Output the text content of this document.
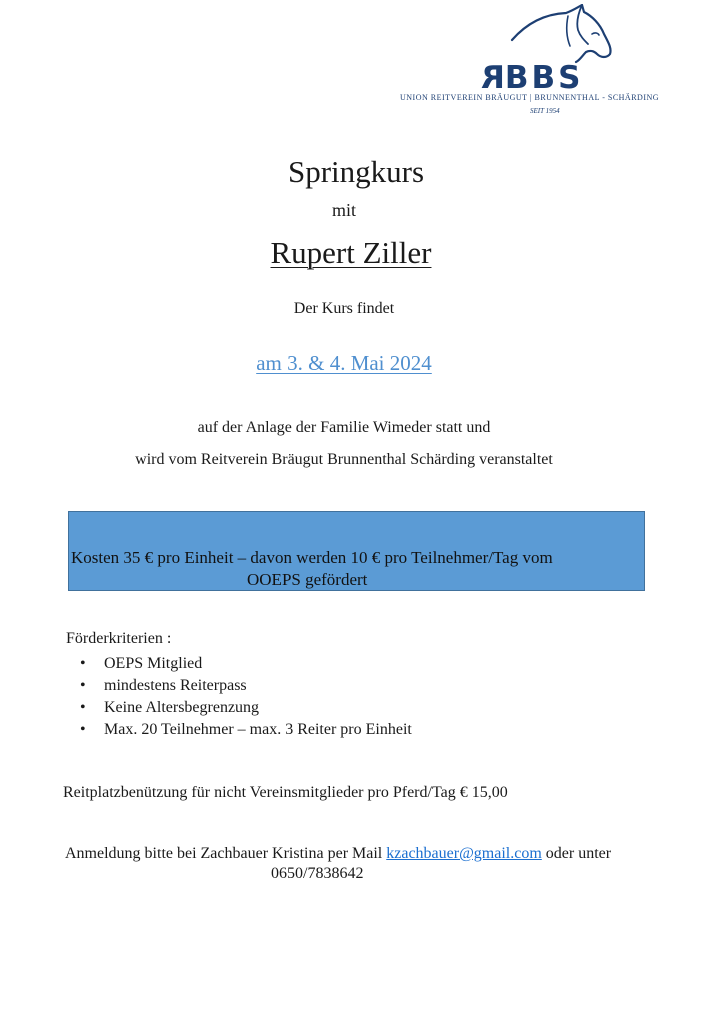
RBBS
UNION REITVEREIN BRÄUGUT | BRUNNENTHAL - SCHÄRDING
SEIT 1954
Springkurs
mit
Rupert Ziller
Der Kurs findet
am 3. & 4. Mai 2024
auf der Anlage der Familie Wimeder statt und
wird vom Reitverein Bräugut Brunnenthal Schärding veranstaltet
Kosten 35 € pro Einheit – davon werden 10 € pro Teilnehmer/Tag vom
OOEPS gefördert
Förderkriterien :
• OEPS Mitglied
• mindestens Reiterpass
• Keine Altersbegrenzung
• Max. 20 Teilnehmer – max. 3 Reiter pro Einheit
Reitplatzbenützung für nicht Vereinsmitglieder pro Pferd/Tag € 15,00
Anmeldung bitte bei Zachbauer Kristina per Mail kzachbauer@gmail.com oder unter
0650/7838642
